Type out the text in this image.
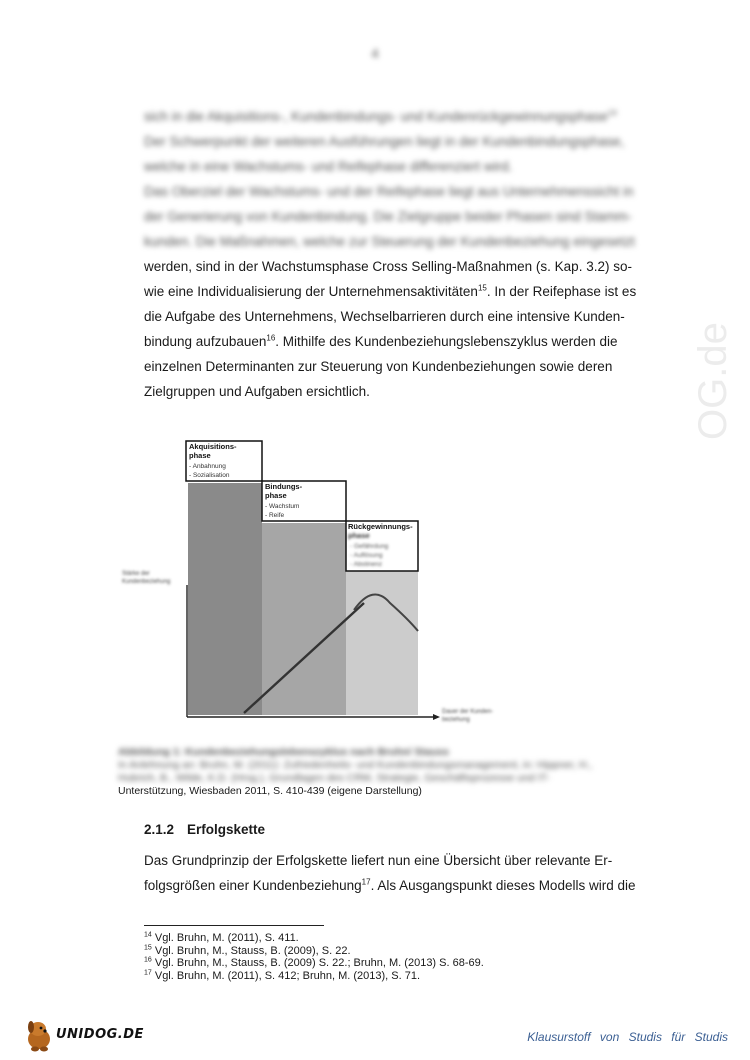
4
sich in die Akquisitions-, Kundenbindungs- und Kundenrückgewinnungsphase$^{14}$
Der Schwerpunkt der weiteren Ausführungen liegt in der Kundenbindungsphase,
welche in eine Wachstums- und Reifephase differenziert wird.
Das Oberziel der Wachstums- und der Reifephase liegt aus Unternehmenssicht in
der Generierung von Kundenbindung. Die Zielgruppe beider Phasen sind Stamm-
kunden. Die Maßnahmen, welche zur Steuerung der Kundenbeziehung eingesetzt
werden, sind in der Wachstumsphase Cross Selling-Maßnahmen (s. Kap. 3.2) so-
wie eine Individualisierung der Unternehmensaktivitäten$^{15}$. In der Reifephase ist es
die Aufgabe des Unternehmens, Wechselbarrieren durch eine intensive Kunden-
bindung aufzubauen$^{16}$. Mithilfe des Kundenbeziehungslebenszyklus werden die
einzelnen Determinanten zur Steuerung von Kundenbeziehungen sowie deren
Zielgruppen und Aufgaben ersichtlich.
Akquisitions-
phase
- Anbahnung
- Sozialisation
Bindungs-
phase
- Wachstum
- Reife
Rückgewinnungs-
phase
- Gefährdung
- Auflösung
- Abstinenz
Stärke der
Kundenbeziehung
Dauer der Kunden-
beziehung
Abbildung 1: Kundenbeziehungslebenszyklus nach Bruhn/ Stauss
In Anlehnung an: Bruhn, M. (2011): Zufriedenheits- und Kundenbindungsmanagement, in: Hippner, H.,
Hubrich, B., Wilde, K.D. (Hrsg.), Grundlagen des CRM, Strategie, Geschäftsprozesse und IT-
Unterstützung, Wiesbaden 2011, S. 410-439 (eigene Darstellung)
2.1.2 Erfolgskette
Das Grundprinzip der Erfolgskette liefert nun eine Übersicht über relevante Er-
folgsgrößen einer Kundenbeziehung$^{17}$. Als Ausgangspunkt dieses Modells wird die
$^{14}$ Vgl. Bruhn, M. (2011), S. 411.
$^{15}$ Vgl. Bruhn, M., Stauss, B. (2009), S. 22.
$^{16}$ Vgl. Bruhn, M., Stauss, B. (2009) S. 22.; Bruhn, M. (2013) S. 68-69.
$^{17}$ Vgl. Bruhn, M. (2011), S. 412; Bruhn, M. (2013), S. 71.
OG.de
UNIDOG.DE	Klausurstoff von Studis für Studis
